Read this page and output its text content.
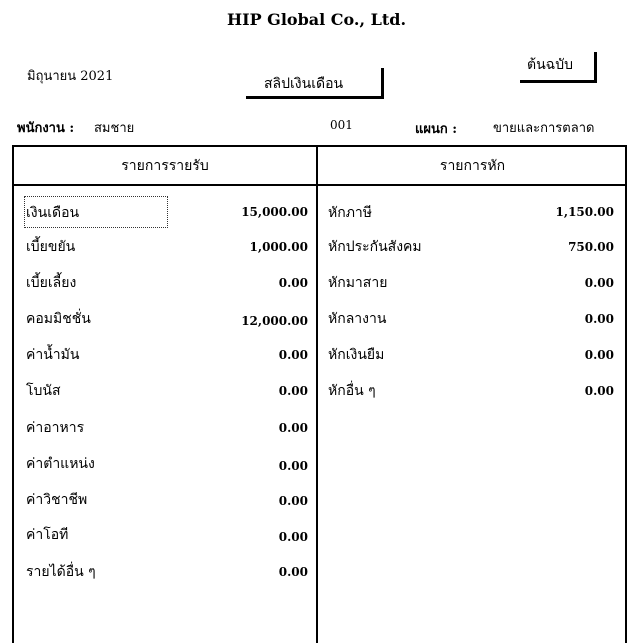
HIP Global Co., Ltd.
มิถุนายน 2021	สลิปเงินเดือน
ต้นฉบับ
พนักงาน : สมชาย	001	แผนก :	ขายและการตลาด
รายการรายรับ	รายการหัก
เงินเดือน	15,000.00
เบี้ยขยัน	1,000.00
เบี้ยเลี้ยง	0.00
คอมมิชชั่น	12,000.00
ค่าน้ำมัน	0.00
โบนัส	0.00
ค่าอาหาร	0.00
ค่าตำแหน่ง	0.00
ค่าวิชาชีพ	0.00
ค่าโอที	0.00
รายได้อื่น ๆ	0.00
หักภาษี	1,150.00
หักประกันสังคม	750.00
หักมาสาย	0.00
หักลางาน	0.00
หักเงินยืม	0.00
หักอื่น ๆ	0.00
